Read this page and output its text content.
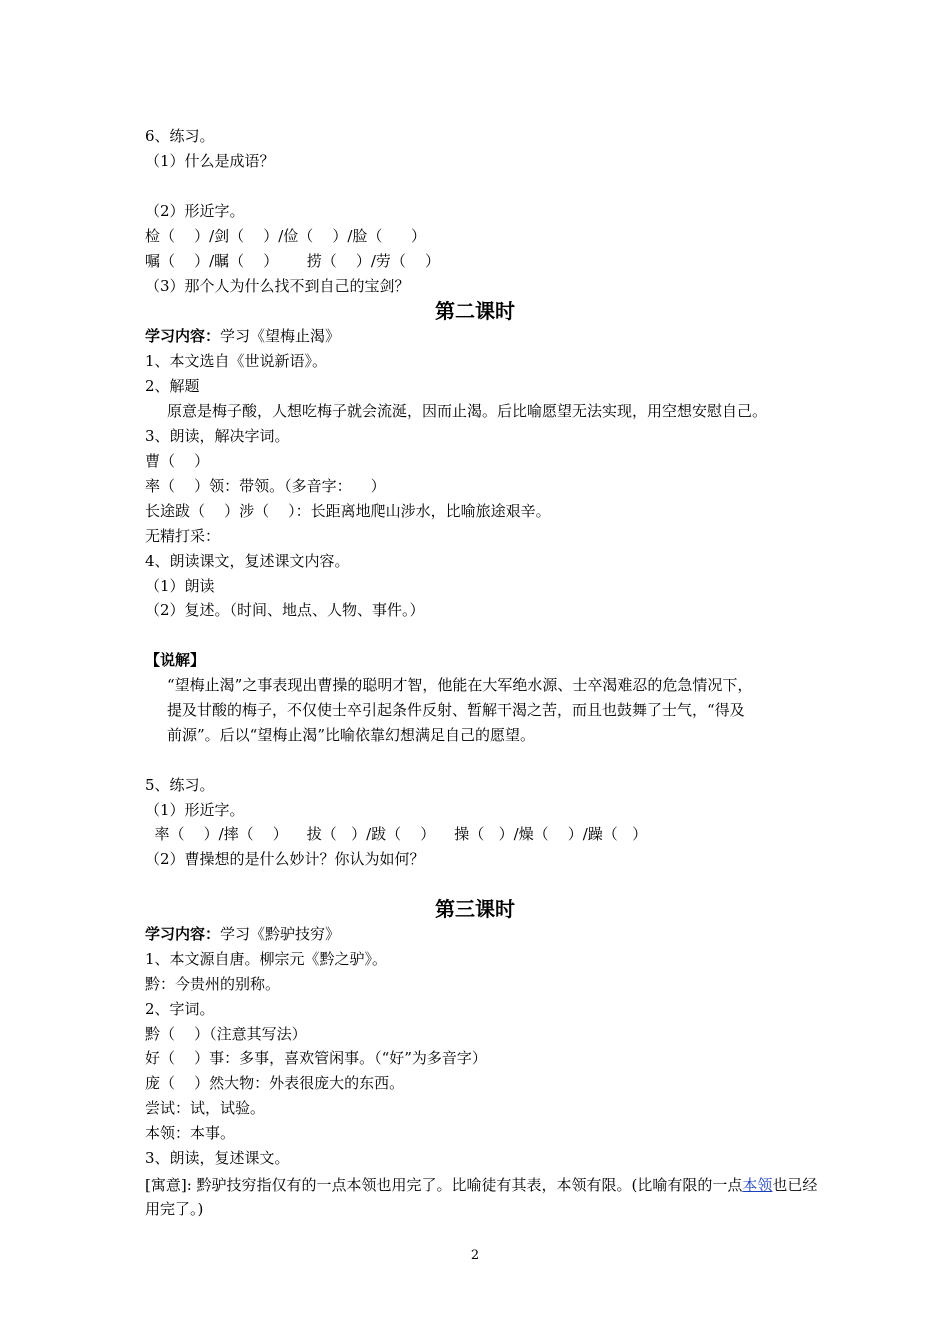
6、练习。
（1）什么是成语？
（2）形近字。
检（    ）/剑（    ）/俭（    ）/脸（      ）
嘱（    ）/瞩（    ）      捞（    ）/劳（    ）
（3）那个人为什么找不到自己的宝剑？
第二课时
学习内容：学习《望梅止渴》
1、本文选自《世说新语》。
2、解题
原意是梅子酸，人想吃梅子就会流涎，因而止渴。后比喻愿望无法实现，用空想安慰自己。
3、朗读，解决字词。
曹（    ）
率（    ）领：带领。（多音字：    ）
长途跋（    ）涉（    ）：长距离地爬山涉水，比喻旅途艰辛。
无精打采：
4、朗读课文，复述课文内容。
（1）朗读
（2）复述。（时间、地点、人物、事件。）
【说解】
“望梅止渴”之事表现出曹操的聪明才智，他能在大军绝水源、士卒渴难忍的危急情况下，
提及甘酸的梅子，不仅使士卒引起条件反射、暂解干渴之苦，而且也鼓舞了士气，“得及
前源”。后以“望梅止渴”比喻依靠幻想满足自己的愿望。
5、练习。
（1）形近字。
率（    ）/摔（    ）    拔（   ）/跋（    ）    操（   ）/燥（    ）/躁（   ）
（2）曹操想的是什么妙计？你认为如何？
第三课时
学习内容：学习《黔驴技穷》
1、本文源自唐。柳宗元《黔之驴》。
黔：今贵州的别称。
2、字词。
黔（    ）（注意其写法）
好（    ）事：多事，喜欢管闲事。（“好”为多音字）
庞（    ）然大物：外表很庞大的东西。
尝试：试，试验。
本领：本事。
3、朗读，复述课文。
[寓意]: 黔驴技穷指仅有的一点本领也用完了。比喻徒有其表，本领有限。(比喻有限的一点本领也已经用完了。)
2
